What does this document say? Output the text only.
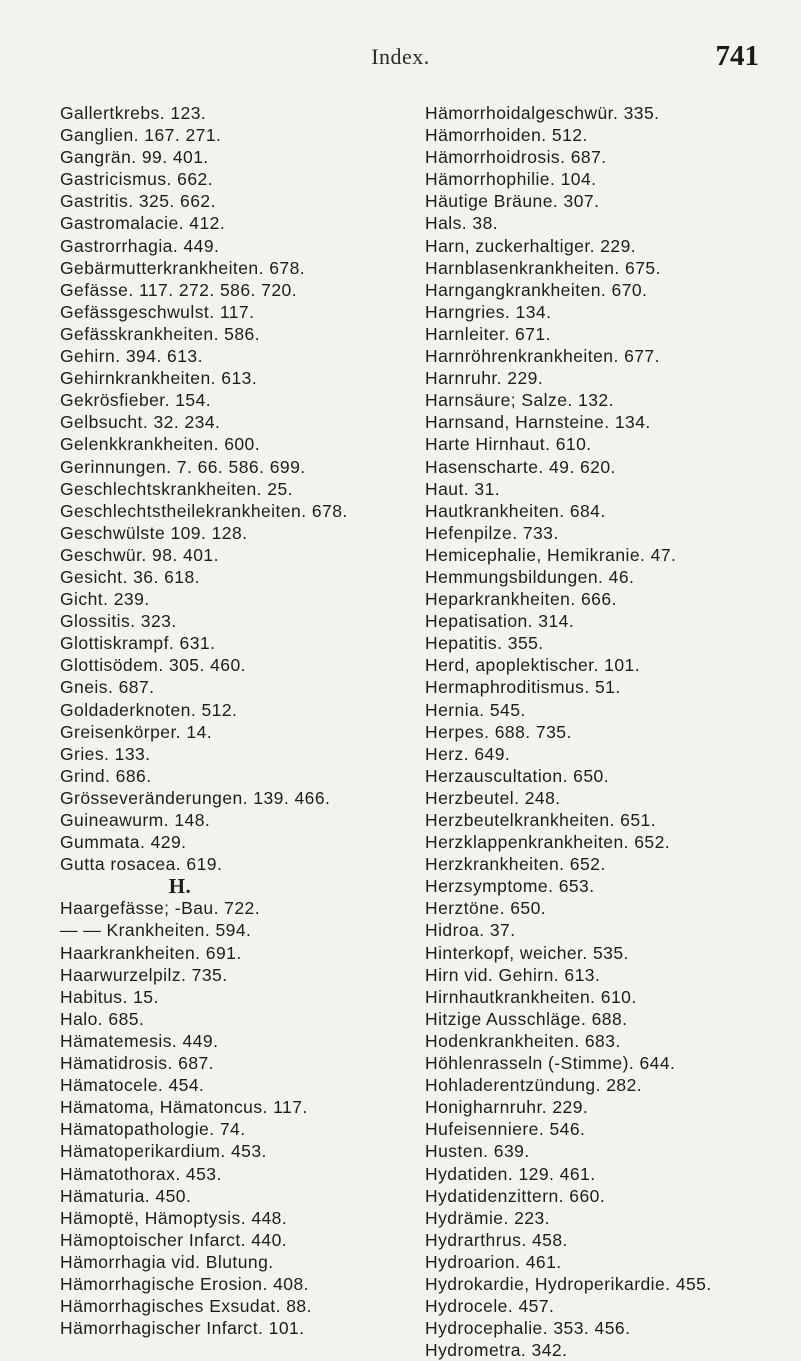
Index.	741
Gallertkrebs. 123.
Ganglien. 167. 271.
Gangrän. 99. 401.
Gastricismus. 662.
Gastritis. 325. 662.
Gastromalacie. 412.
Gastrorrhagia. 449.
Gebärmutterkrankheiten. 678.
Gefässe. 117. 272. 586. 720.
Gefässgeschwulst. 117.
Gefässkrankheiten. 586.
Gehirn. 394. 613.
Gehirnkrankheiten. 613.
Gekrösfieber. 154.
Gelbsucht. 32. 234.
Gelenkkrankheiten. 600.
Gerinnungen. 7. 66. 586. 699.
Geschlechtskrankheiten. 25.
Geschlechtstheilekrankheiten. 678.
Geschwülste 109. 128.
Geschwür. 98. 401.
Gesicht. 36. 618.
Gicht. 239.
Glossitis. 323.
Glottiskrampf. 631.
Glottisödem. 305. 460.
Gneis. 687.
Goldaderknoten. 512.
Greisenkörper. 14.
Gries. 133.
Grind. 686.
Grösseveränderungen. 139. 466.
Guineawurm. 148.
Gummata. 429.
Gutta rosacea. 619.
H.
Haargefässe; -Bau. 722.
— — Krankheiten. 594.
Haarkrankheiten. 691.
Haarwurzelpilz. 735.
Habitus. 15.
Halo. 685.
Hämatemesis. 449.
Hämatidrosis. 687.
Hämatocele. 454.
Hämatoma, Hämatoncus. 117.
Hämatopathologie. 74.
Hämatoperikardium. 453.
Hämatothorax. 453.
Hämaturia. 450.
Hämoptë, Hämoptysis. 448.
Hämoptoischer Infarct. 440.
Hämorrhagia vid. Blutung.
Hämorrhagische Erosion. 408.
Hämorrhagisches Exsudat. 88.
Hämorrhagischer Infarct. 101.
Hämorrhoidalgeschwür. 335.
Hämorrhoiden. 512.
Hämorrhoidrosis. 687.
Hämorrhophilie. 104.
Häutige Bräune. 307.
Hals. 38.
Harn, zuckerhaltiger. 229.
Harnblasenkrankheiten. 675.
Harngangkrankheiten. 670.
Harngries. 134.
Harnleiter. 671.
Harnröhrenkrankheiten. 677.
Harnruhr. 229.
Harnsäure; Salze. 132.
Harnsand, Harnsteine. 134.
Harte Hirnhaut. 610.
Hasenscharte. 49. 620.
Haut. 31.
Hautkrankheiten. 684.
Hefenpilze. 733.
Hemicephalie, Hemikranie. 47.
Hemmungsbildungen. 46.
Heparkrankheiten. 666.
Hepatisation. 314.
Hepatitis. 355.
Herd, apoplektischer. 101.
Hermaphroditismus. 51.
Hernia. 545.
Herpes. 688. 735.
Herz. 649.
Herzauscultation. 650.
Herzbeutel. 248.
Herzbeutelkrankheiten. 651.
Herzklappenkrankheiten. 652.
Herzkrankheiten. 652.
Herzsymptome. 653.
Herztöne. 650.
Hidroa. 37.
Hinterkopf, weicher. 535.
Hirn vid. Gehirn. 613.
Hirnhautkrankheiten. 610.
Hitzige Ausschläge. 688.
Hodenkrankheiten. 683.
Höhlenrasseln (-Stimme). 644.
Hohladerentzündung. 282.
Honigharnruhr. 229.
Hufeisenniere. 546.
Husten. 639.
Hydatiden. 129. 461.
Hydatidenzittern. 660.
Hydrämie. 223.
Hydrarthrus. 458.
Hydroarion. 461.
Hydrokardie, Hydroperikardie. 455.
Hydrocele. 457.
Hydrocephalie. 353. 456.
Hydrometra. 342.
